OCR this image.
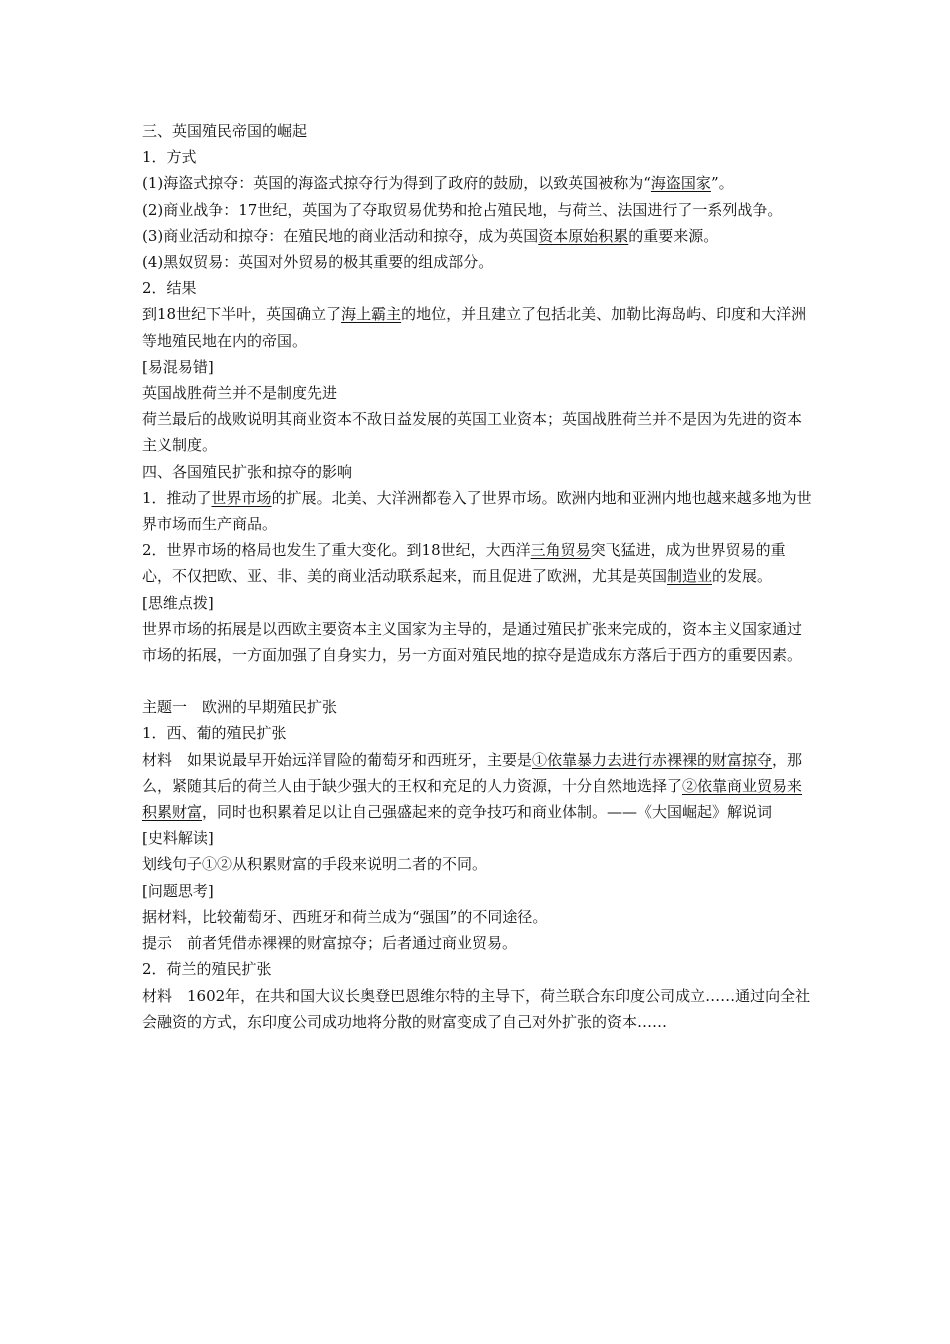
三、英国殖民帝国的崛起

1．方式

(1)海盗式掠夺：英国的海盗式掠夺行为得到了政府的鼓励，以致英国被称为“海盗国家”。

(2)商业战争：17世纪，英国为了夺取贸易优势和抢占殖民地，与荷兰、法国进行了一系列战争。

(3)商业活动和掠夺：在殖民地的商业活动和掠夺，成为英国资本原始积累的重要来源。

(4)黑奴贸易：英国对外贸易的极其重要的组成部分。

2．结果

到18世纪下半叶，英国确立了海上霸主的地位，并且建立了包括北美、加勒比海岛屿、印度和大洋洲等地殖民地在内的帝国。

[易混易错]

英国战胜荷兰并不是制度先进

荷兰最后的战败说明其商业资本不敌日益发展的英国工业资本；英国战胜荷兰并不是因为先进的资本主义制度。

四、各国殖民扩张和掠夺的影响

1．推动了世界市场的扩展。北美、大洋洲都卷入了世界市场。欧洲内地和亚洲内地也越来越多地为世界市场而生产商品。

2．世界市场的格局也发生了重大变化。到18世纪，大西洋三角贸易突飞猛进，成为世界贸易的重心，不仅把欧、亚、非、美的商业活动联系起来，而且促进了欧洲，尤其是英国制造业的发展。

[思维点拨]

世界市场的拓展是以西欧主要资本主义国家为主导的，是通过殖民扩张来完成的，资本主义国家通过市场的拓展，一方面加强了自身实力，另一方面对殖民地的掠夺是造成东方落后于西方的重要因素。

主题一　欧洲的早期殖民扩张

1．西、葡的殖民扩张

材料　如果说最早开始远洋冒险的葡萄牙和西班牙，主要是①依靠暴力去进行赤裸裸的财富掠夺，那么，紧随其后的荷兰人由于缺少强大的王权和充足的人力资源，十分自然地选择了②依靠商业贸易来积累财富，同时也积累着足以让自己强盛起来的竞争技巧和商业体制。——《大国崛起》解说词

[史料解读]

划线句子①②从积累财富的手段来说明二者的不同。

[问题思考]

据材料，比较葡萄牙、西班牙和荷兰成为“强国”的不同途径。

提示　前者凭借赤裸裸的财富掠夺；后者通过商业贸易。

2．荷兰的殖民扩张

材料　1602年，在共和国大议长奥登巴恩维尔特的主导下，荷兰联合东印度公司成立……通过向全社会融资的方式，东印度公司成功地将分散的财富变成了自己对外扩张的资本……
